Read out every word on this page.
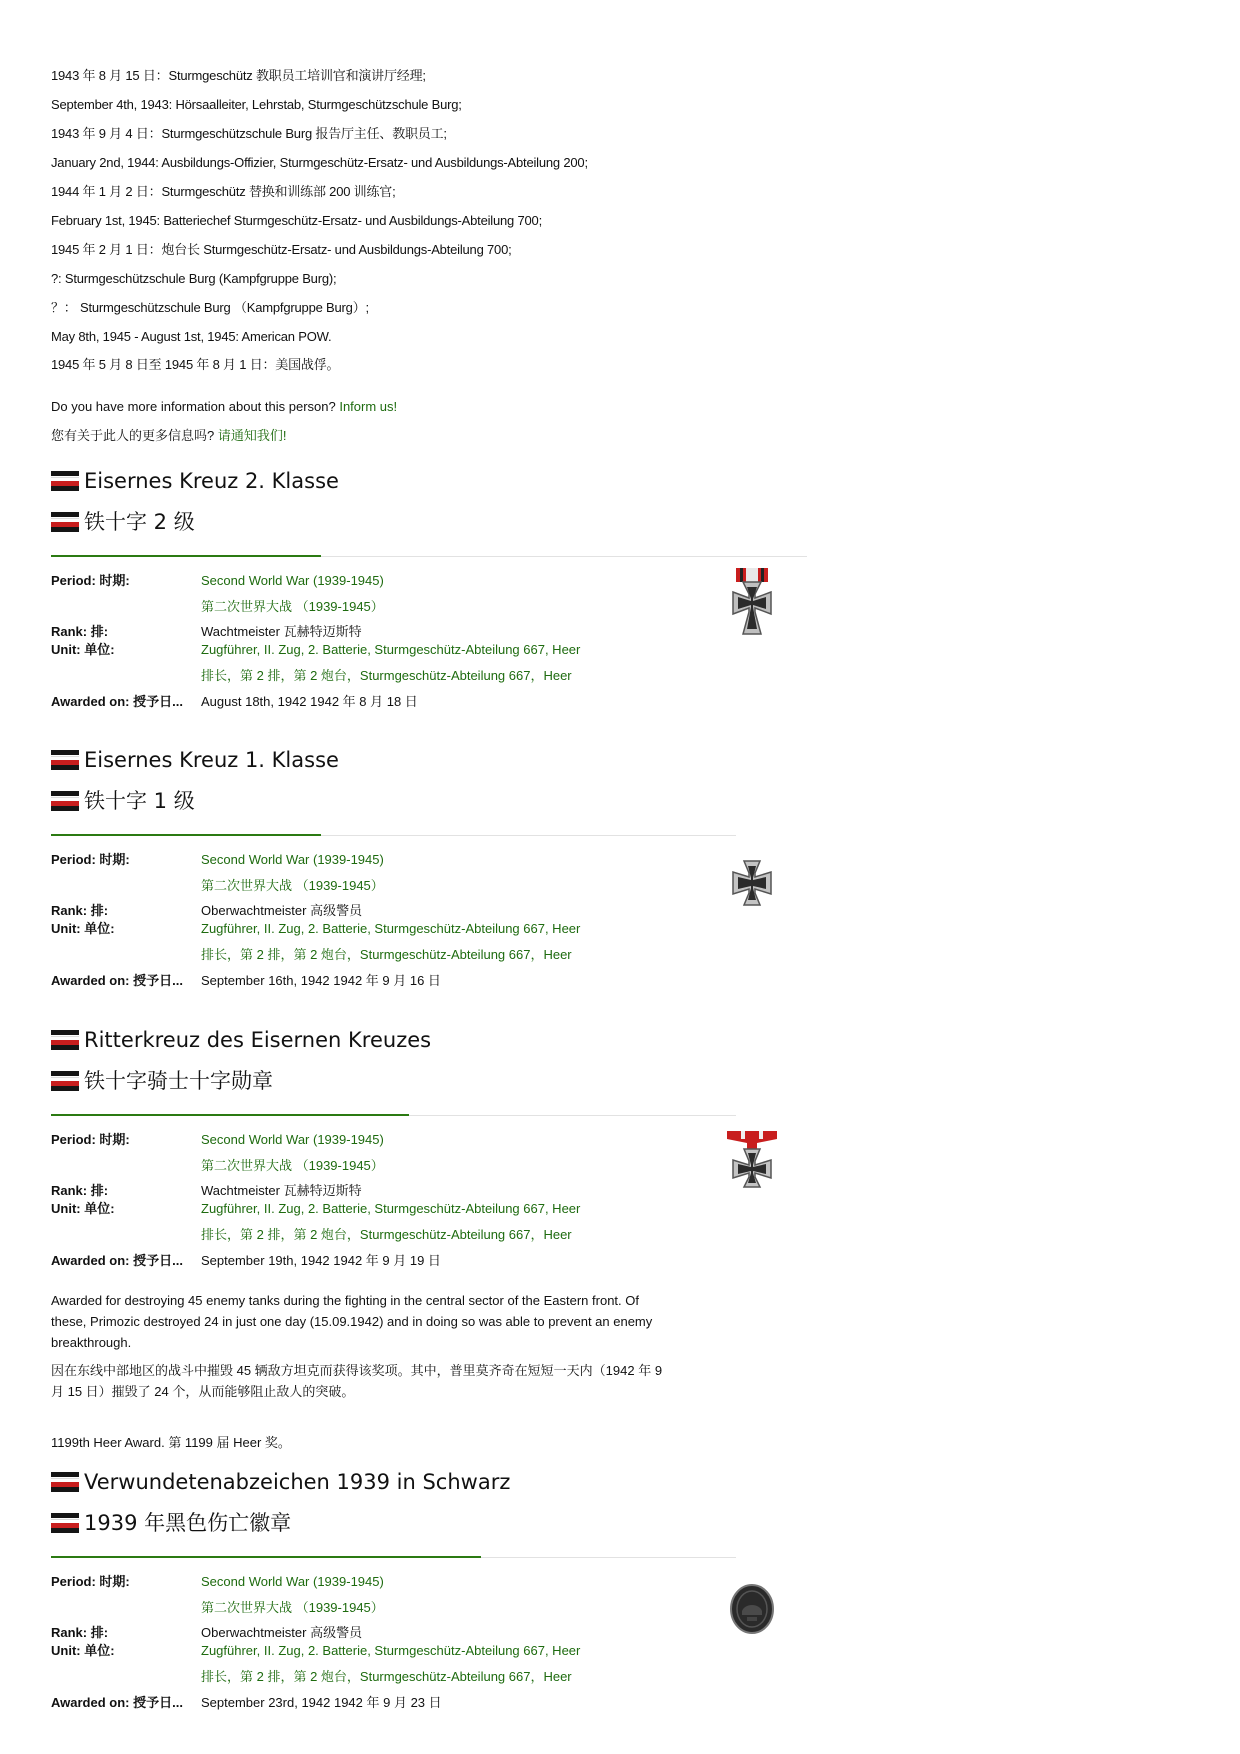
1943 年 8 月 15 日：Sturmgeschütz 教职员工培训官和演讲厅经理;
September 4th, 1943: Hörsaalleiter, Lehrstab, Sturmgeschützschule Burg;
1943 年 9 月 4 日：Sturmgeschützschule Burg 报告厅主任、教职员工;
January 2nd, 1944: Ausbildungs-Offizier, Sturmgeschütz-Ersatz- und Ausbildungs-Abteilung 200;
1944 年 1 月 2 日：Sturmgeschütz 替换和训练部 200 训练官;
February 1st, 1945: Batteriechef Sturmgeschütz-Ersatz- und Ausbildungs-Abteilung 700;
1945 年 2 月 1 日：炮台长 Sturmgeschütz-Ersatz- und Ausbildungs-Abteilung 700;
?: Sturmgeschützschule Burg (Kampfgruppe Burg);
？： Sturmgeschützschule Burg （Kampfgruppe Burg）;
May 8th, 1945 - August 1st, 1945: American POW.
1945 年 5 月 8 日至 1945 年 8 月 1 日：美国战俘。
Do you have more information about this person? Inform us!
您有关于此人的更多信息吗? 请通知我们!
Eisernes Kreuz 2. Klasse
铁十字 2 级
Period: 时期:	Second World War (1939-1945)
第二次世界大战 （1939-1945）
Rank: 排:	Wachtmeister 瓦赫特迈斯特
Unit: 单位:	Zugführer, II. Zug, 2. Batterie, Sturmgeschütz-Abteilung 667, Heer
排长，第 2 排，第 2 炮台，Sturmgeschütz-Abteilung 667，Heer
Awarded on: 授予日... August 18th, 1942 1942 年 8 月 18 日
Eisernes Kreuz 1. Klasse
铁十字 1 级
Period: 时期:	Second World War (1939-1945)
第二次世界大战 （1939-1945）
Rank: 排:	Oberwachtmeister 高级警员
Unit: 单位:	Zugführer, II. Zug, 2. Batterie, Sturmgeschütz-Abteilung 667, Heer
排长，第 2 排，第 2 炮台，Sturmgeschütz-Abteilung 667，Heer
Awarded on: 授予日... September 16th, 1942 1942 年 9 月 16 日
Ritterkreuz des Eisernen Kreuzes
铁十字骑士十字勋章
Period: 时期:	Second World War (1939-1945)
第二次世界大战 （1939-1945）
Rank: 排:	Wachtmeister 瓦赫特迈斯特
Unit: 单位:	Zugführer, II. Zug, 2. Batterie, Sturmgeschütz-Abteilung 667, Heer
排长，第 2 排，第 2 炮台，Sturmgeschütz-Abteilung 667，Heer
Awarded on: 授予日... September 19th, 1942 1942 年 9 月 19 日
Awarded for destroying 45 enemy tanks during the fighting in the central sector of the Eastern front. Of these, Primozic destroyed 24 in just one day (15.09.1942) and in doing so was able to prevent an enemy breakthrough.
因在东线中部地区的战斗中摧毁 45 辆敌方坦克而获得该奖项。其中，普里莫齐奇在短短一天内（1942 年 9 月 15 日）摧毁了 24 个，从而能够阻止敌人的突破。
1199th Heer Award. 第 1199 届 Heer 奖。
Verwundetenabzeichen 1939 in Schwarz
1939 年黑色伤亡徽章
Period: 时期:	Second World War (1939-1945)
第二次世界大战 （1939-1945）
Rank: 排:	Oberwachtmeister 高级警员
Unit: 单位:	Zugführer, II. Zug, 2. Batterie, Sturmgeschütz-Abteilung 667, Heer
排长，第 2 排，第 2 炮台，Sturmgeschütz-Abteilung 667，Heer
Awarded on: 授予日... September 23rd, 1942 1942 年 9 月 23 日
